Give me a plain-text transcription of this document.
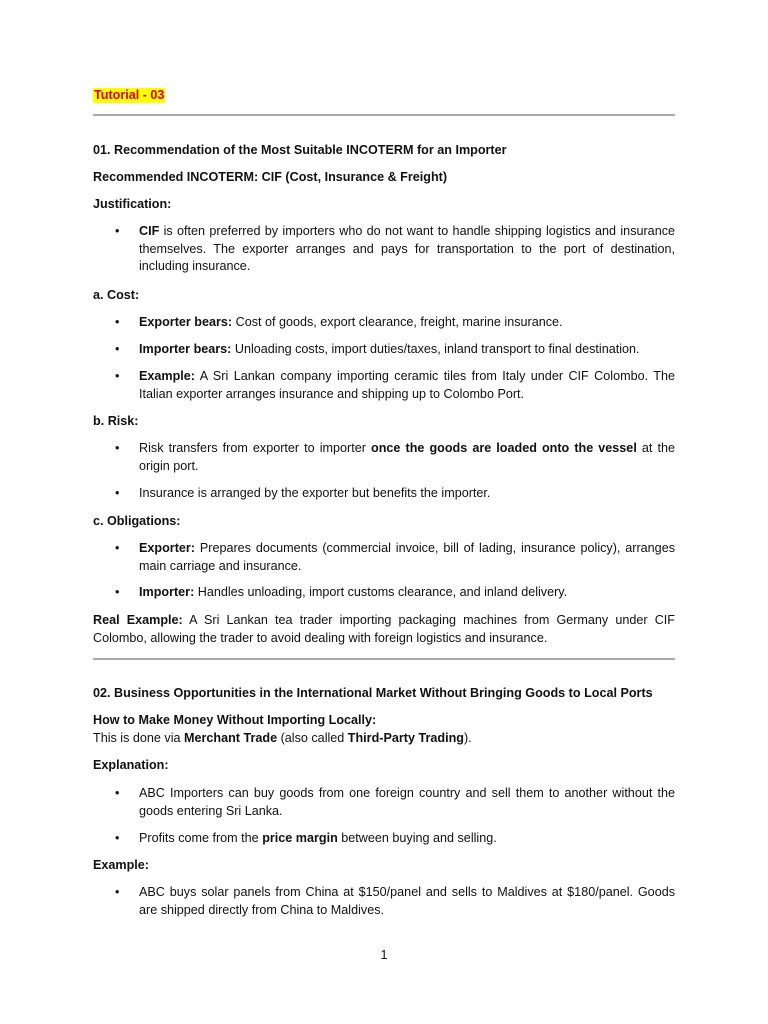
Tutorial - 03
01. Recommendation of the Most Suitable INCOTERM for an Importer
Recommended INCOTERM: CIF (Cost, Insurance & Freight)
Justification:
• CIF is often preferred by importers who do not want to handle shipping logistics and insurance themselves. The exporter arranges and pays for transportation to the port of destination, including insurance.
a. Cost:
• Exporter bears: Cost of goods, export clearance, freight, marine insurance.
• Importer bears: Unloading costs, import duties/taxes, inland transport to final destination.
• Example: A Sri Lankan company importing ceramic tiles from Italy under CIF Colombo. The Italian exporter arranges insurance and shipping up to Colombo Port.
b. Risk:
• Risk transfers from exporter to importer once the goods are loaded onto the vessel at the origin port.
• Insurance is arranged by the exporter but benefits the importer.
c. Obligations:
• Exporter: Prepares documents (commercial invoice, bill of lading, insurance policy), arranges main carriage and insurance.
• Importer: Handles unloading, import customs clearance, and inland delivery.

Real Example: A Sri Lankan tea trader importing packaging machines from Germany under CIF Colombo, allowing the trader to avoid dealing with foreign logistics and insurance.

02. Business Opportunities in the International Market Without Bringing Goods to Local Ports
How to Make Money Without Importing Locally:
This is done via Merchant Trade (also called Third-Party Trading).
Explanation:
• ABC Importers can buy goods from one foreign country and sell them to another without the goods entering Sri Lanka.
• Profits come from the price margin between buying and selling.
Example:
• ABC buys solar panels from China at $150/panel and sells to Maldives at $180/panel. Goods are shipped directly from China to Maldives.
1
